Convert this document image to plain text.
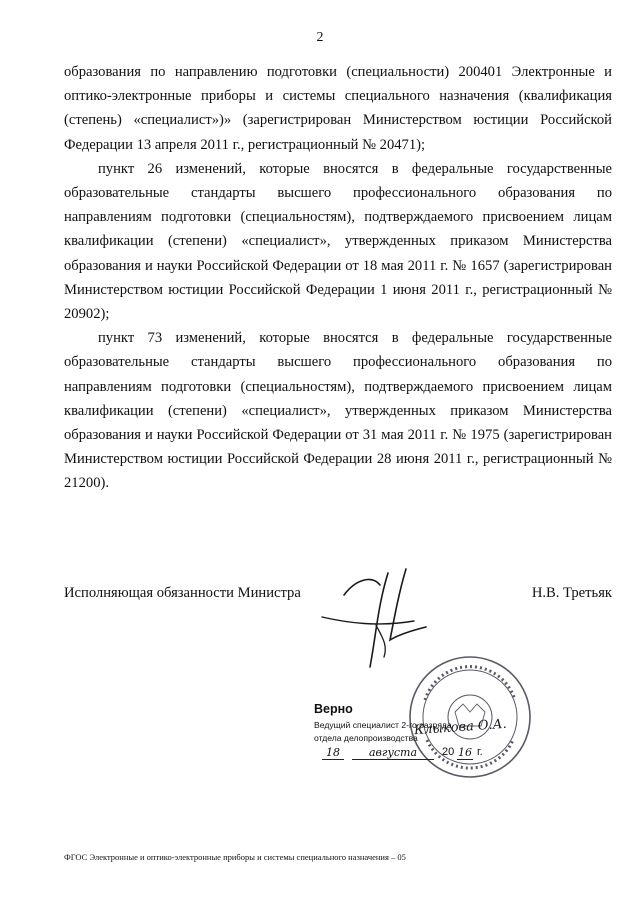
2

образования по направлению подготовки (специальности) 200401 Электронные и оптико-электронные приборы и системы специального назначения (квалификация (степень) «специалист»)» (зарегистрирован Министерством юстиции Российской Федерации 13 апреля 2011 г., регистрационный № 20471);

пункт 26 изменений, которые вносятся в федеральные государственные образовательные стандарты высшего профессионального образования по направлениям подготовки (специальностям), подтверждаемого присвоением лицам квалификации (степени) «специалист», утвержденных приказом Министерства образования и науки Российской Федерации от 18 мая 2011 г. № 1657 (зарегистрирован Министерством юстиции Российской Федерации 1 июня 2011 г., регистрационный № 20902);

пункт 73 изменений, которые вносятся в федеральные государственные образовательные стандарты высшего профессионального образования по направлениям подготовки (специальностям), подтверждаемого присвоением лицам квалификации (степени) «специалист», утвержденных приказом Министерства образования и науки Российской Федерации от 31 мая 2011 г. № 1975 (зарегистрирован Министерством юстиции Российской Федерации 28 июня 2011 г., регистрационный № 21200).

Исполняющая обязанности Министра	Н.В. Третьяк
Верно
Ведущий специалист 2-го разряда
отдела делопроизводства
Клыкова О.А.
18	августа	20 16 г.
ФГОС Электронные и оптико-электронные приборы и системы специального назначения – 05
